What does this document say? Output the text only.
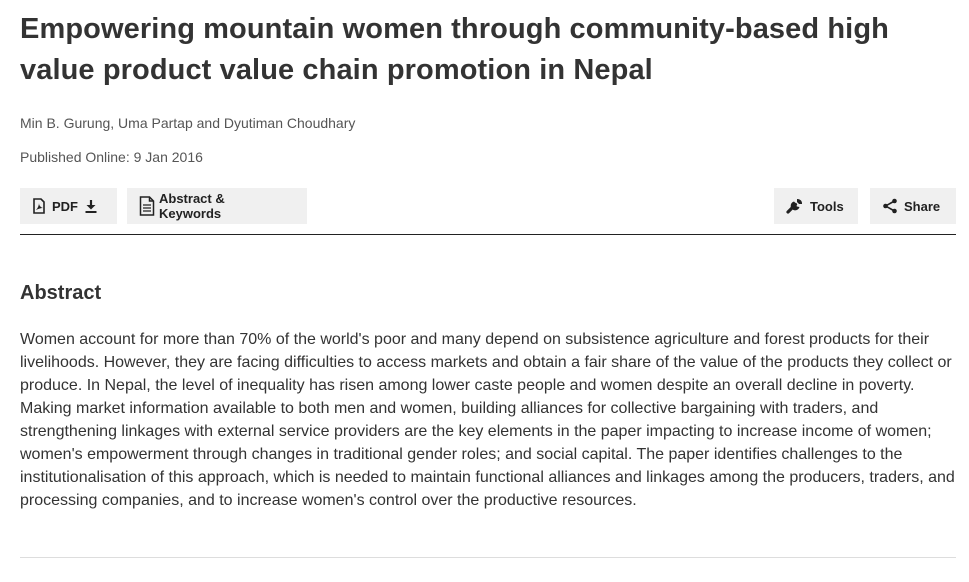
Empowering mountain women through community-based high value product value chain promotion in Nepal
Min B. Gurung, Uma Partap and Dyutiman Choudhary
Published Online: 9 Jan 2016
PDF	Abstract & Keywords	Tools	Share
Abstract

Women account for more than 70% of the world's poor and many depend on subsistence agriculture and forest products for their livelihoods. However, they are facing difficulties to access markets and obtain a fair share of the value of the products they collect or produce. In Nepal, the level of inequality has risen among lower caste people and women despite an overall decline in poverty. Making market information available to both men and women, building alliances for collective bargaining with traders, and strengthening linkages with external service providers are the key elements in the paper impacting to increase income of women; women's empowerment through changes in traditional gender roles; and social capital. The paper identifies challenges to the institutionalisation of this approach, which is needed to maintain functional alliances and linkages among the producers, traders, and processing companies, and to increase women's control over the productive resources.
